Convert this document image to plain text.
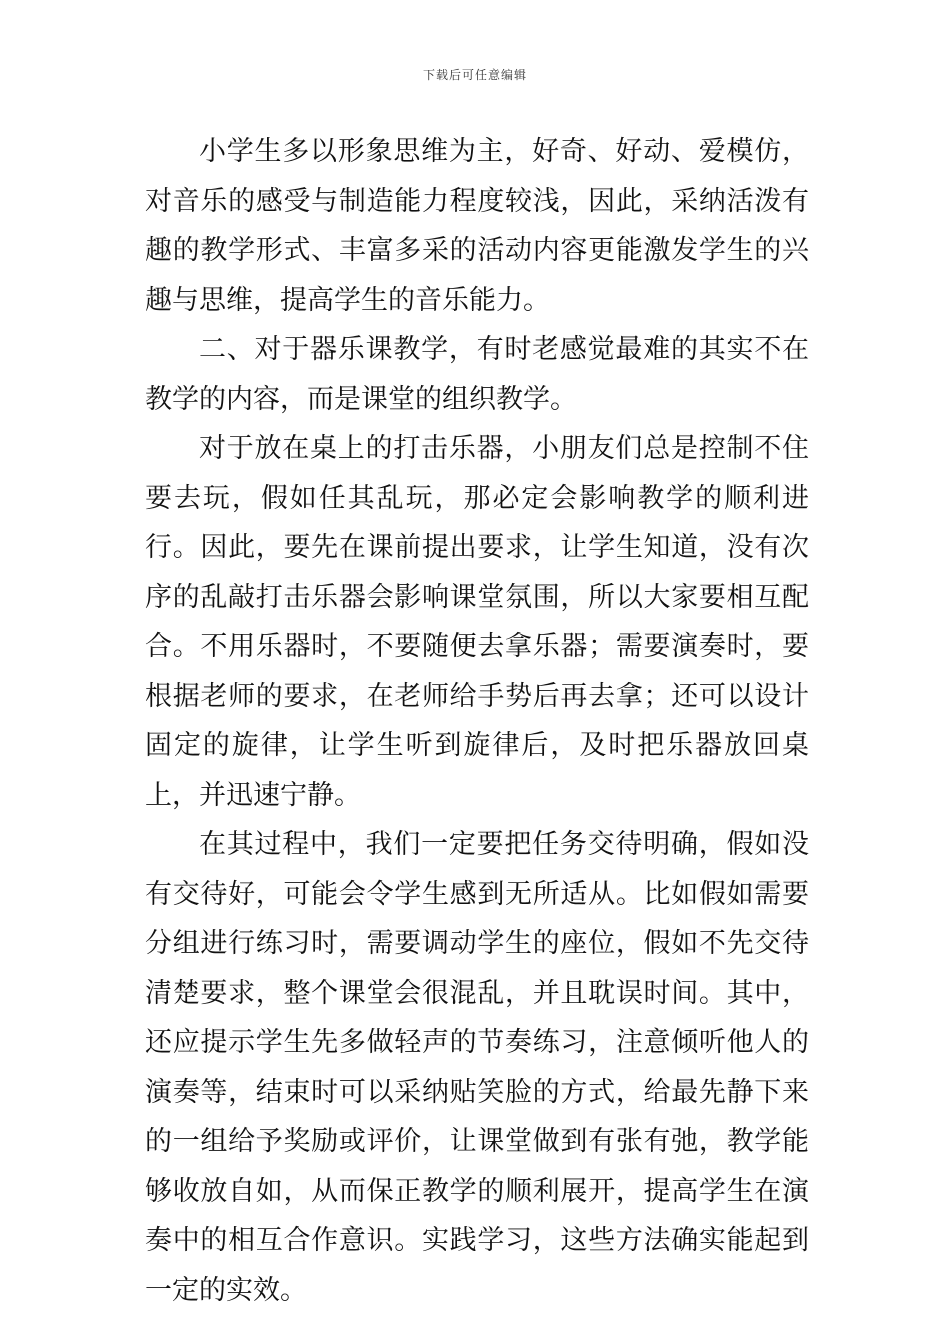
下载后可任意编辑

小学生多以形象思维为主，好奇、好动、爱模仿，对音乐的感受与制造能力程度较浅，因此，采纳活泼有趣的教学形式、丰富多采的活动内容更能激发学生的兴趣与思维，提高学生的音乐能力。

二、对于器乐课教学，有时老感觉最难的其实不在教学的内容，而是课堂的组织教学。

对于放在桌上的打击乐器，小朋友们总是控制不住要去玩，假如任其乱玩，那必定会影响教学的顺利进行。因此，要先在课前提出要求，让学生知道，没有次序的乱敲打击乐器会影响课堂氛围，所以大家要相互配合。不用乐器时，不要随便去拿乐器；需要演奏时，要根据老师的要求，在老师给手势后再去拿；还可以设计固定的旋律，让学生听到旋律后，及时把乐器放回桌上，并迅速宁静。

在其过程中，我们一定要把任务交待明确，假如没有交待好，可能会令学生感到无所适从。比如假如需要分组进行练习时，需要调动学生的座位，假如不先交待清楚要求，整个课堂会很混乱，并且耽误时间。其中，还应提示学生先多做轻声的节奏练习，注意倾听他人的演奏等，结束时可以采纳贴笑脸的方式，给最先静下来的一组给予奖励或评价，让课堂做到有张有弛，教学能够收放自如，从而保正教学的顺利展开，提高学生在演奏中的相互合作意识。实践学习，这些方法确实能起到一定的实效。
